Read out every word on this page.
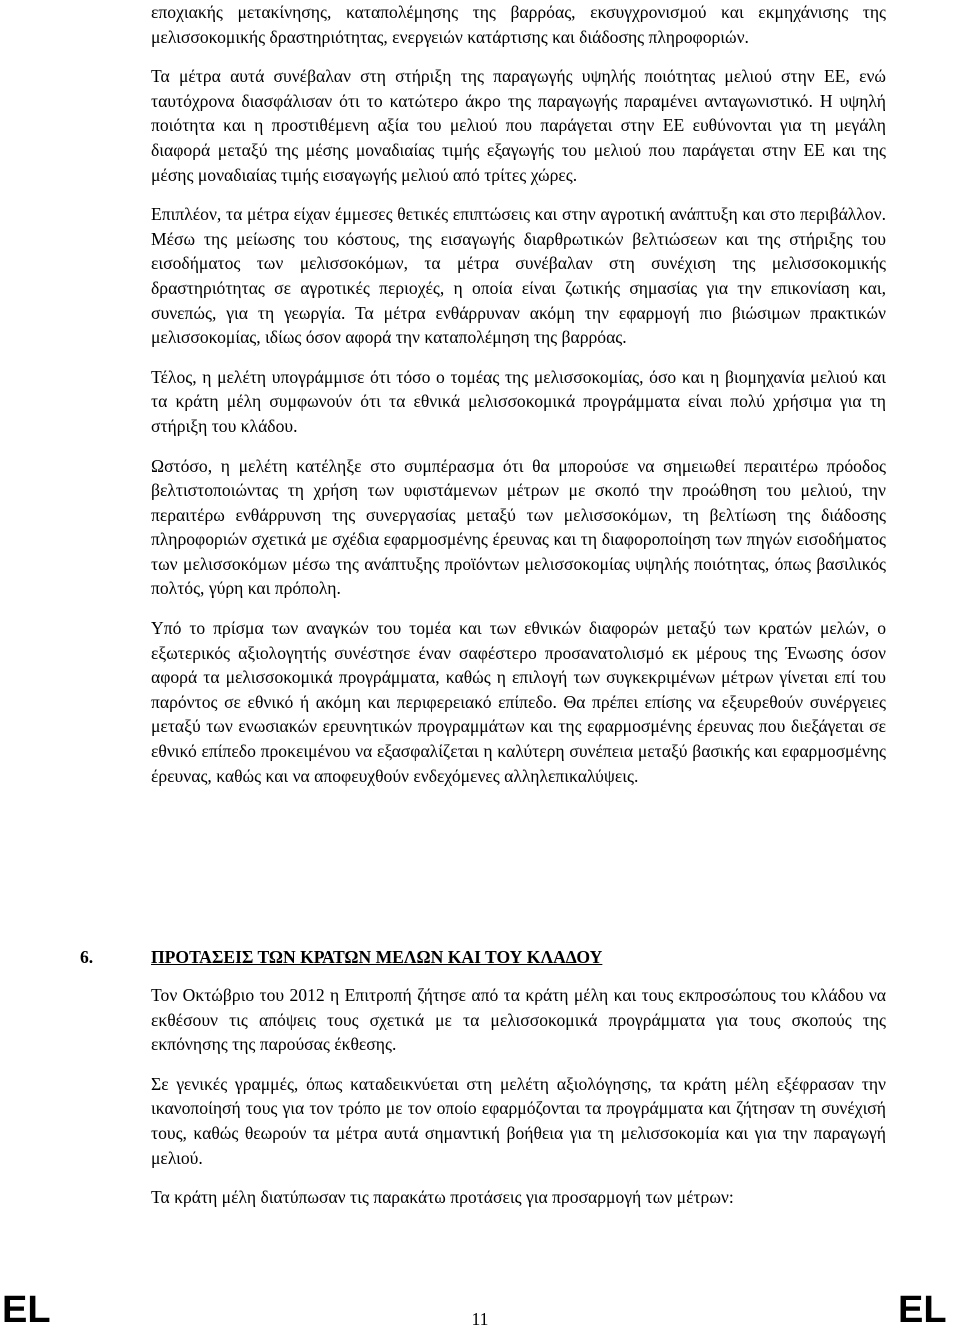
εποχιακής μετακίνησης, καταπολέμησης της βαρρόας, εκσυγχρονισμού και εκμηχάνισης της μελισσοκομικής δραστηριότητας, ενεργειών κατάρτισης και διάδοσης πληροφοριών.

Τα μέτρα αυτά συνέβαλαν στη στήριξη της παραγωγής υψηλής ποιότητας μελιού στην ΕΕ, ενώ ταυτόχρονα διασφάλισαν ότι το κατώτερο άκρο της παραγωγής παραμένει ανταγωνιστικό. Η υψηλή ποιότητα και η προστιθέμενη αξία του μελιού που παράγεται στην ΕΕ ευθύνονται για τη μεγάλη διαφορά μεταξύ της μέσης μοναδιαίας τιμής εξαγωγής του μελιού που παράγεται στην ΕΕ και της μέσης μοναδιαίας τιμής εισαγωγής μελιού από τρίτες χώρες.

Επιπλέον, τα μέτρα είχαν έμμεσες θετικές επιπτώσεις και στην αγροτική ανάπτυξη και στο περιβάλλον. Μέσω της μείωσης του κόστους, της εισαγωγής διαρθρωτικών βελτιώσεων και της στήριξης του εισοδήματος των μελισσοκόμων, τα μέτρα συνέβαλαν στη συνέχιση της μελισσοκομικής δραστηριότητας σε αγροτικές περιοχές, η οποία είναι ζωτικής σημασίας για την επικονίαση και, συνεπώς, για τη γεωργία. Τα μέτρα ενθάρρυναν ακόμη την εφαρμογή πιο βιώσιμων πρακτικών μελισσοκομίας, ιδίως όσον αφορά την καταπολέμηση της βαρρόας.

Τέλος, η μελέτη υπογράμμισε ότι τόσο ο τομέας της μελισσοκομίας, όσο και η βιομηχανία μελιού και τα κράτη μέλη συμφωνούν ότι τα εθνικά μελισσοκομικά προγράμματα είναι πολύ χρήσιμα για τη στήριξη του κλάδου.

Ωστόσο, η μελέτη κατέληξε στο συμπέρασμα ότι θα μπορούσε να σημειωθεί περαιτέρω πρόοδος βελτιστοποιώντας τη χρήση των υφιστάμενων μέτρων με σκοπό την προώθηση του μελιού, την περαιτέρω ενθάρρυνση της συνεργασίας μεταξύ των μελισσοκόμων, τη βελτίωση της διάδοσης πληροφοριών σχετικά με σχέδια εφαρμοσμένης έρευνας και τη διαφοροποίηση των πηγών εισοδήματος των μελισσοκόμων μέσω της ανάπτυξης προϊόντων μελισσοκομίας υψηλής ποιότητας, όπως βασιλικός πολτός, γύρη και πρόπολη.

Υπό το πρίσμα των αναγκών του τομέα και των εθνικών διαφορών μεταξύ των κρατών μελών, ο εξωτερικός αξιολογητής συνέστησε έναν σαφέστερο προσανατολισμό εκ μέρους της Ένωσης όσον αφορά τα μελισσοκομικά προγράμματα, καθώς η επιλογή των συγκεκριμένων μέτρων γίνεται επί του παρόντος σε εθνικό ή ακόμη και περιφερειακό επίπεδο. Θα πρέπει επίσης να εξευρεθούν συνέργειες μεταξύ των ενωσιακών ερευνητικών προγραμμάτων και της εφαρμοσμένης έρευνας που διεξάγεται σε εθνικό επίπεδο προκειμένου να εξασφαλίζεται η καλύτερη συνέπεια μεταξύ βασικής και εφαρμοσμένης έρευνας, καθώς και να αποφευχθούν ενδεχόμενες αλληλεπικαλύψεις.

6.	ΠΡΟΤΑΣΕΙΣ ΤΩΝ ΚΡΑΤΩΝ ΜΕΛΩΝ ΚΑΙ ΤΟΥ ΚΛΑΔΟΥ

Τον Οκτώβριο του 2012 η Επιτροπή ζήτησε από τα κράτη μέλη και τους εκπροσώπους του κλάδου να εκθέσουν τις απόψεις τους σχετικά με τα μελισσοκομικά προγράμματα για τους σκοπούς της εκπόνησης της παρούσας έκθεσης.

Σε γενικές γραμμές, όπως καταδεικνύεται στη μελέτη αξιολόγησης, τα κράτη μέλη εξέφρασαν την ικανοποίησή τους για τον τρόπο με τον οποίο εφαρμόζονται τα προγράμματα και ζήτησαν τη συνέχισή τους, καθώς θεωρούν τα μέτρα αυτά σημαντική βοήθεια για τη μελισσοκομία και για την παραγωγή μελιού.

Τα κράτη μέλη διατύπωσαν τις παρακάτω προτάσεις για προσαρμογή των μέτρων:

EL	11	EL
